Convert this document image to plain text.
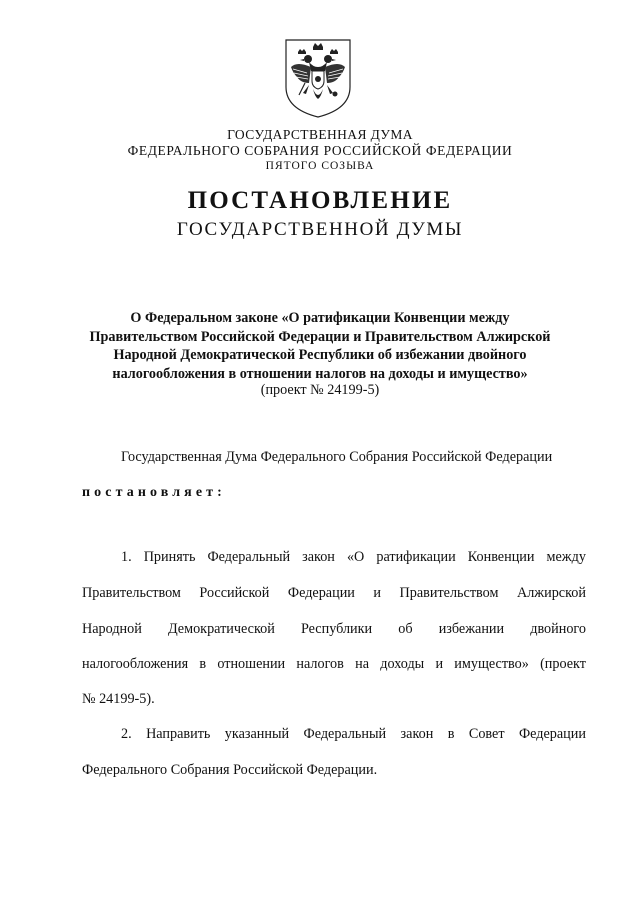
ГОСУДАРСТВЕННАЯ ДУМА
ФЕДЕРАЛЬНОГО СОБРАНИЯ РОССИЙСКОЙ ФЕДЕРАЦИИ
ПЯТОГО СОЗЫВА
ПОСТАНОВЛЕНИЕ
ГОСУДАРСТВЕННОЙ ДУМЫ
О Федеральном законе «О ратификации Конвенции между
Правительством Российской Федерации и Правительством Алжирской
Народной Демократической Республики об избежании двойного
налогообложения в отношении налогов на доходы и имущество»
(проект № 24199-5)
Государственная Дума Федерального Собрания Российской Федерации
постановляет:
1. Принять Федеральный закон «О ратификации Конвенции между
Правительством Российской Федерации и Правительством Алжирской
Народной Демократической Республики об избежании двойного
налогообложения в отношении налогов на доходы и имущество» (проект
№ 24199-5).
2. Направить указанный Федеральный закон в Совет Федерации
Федерального Собрания Российской Федерации.
